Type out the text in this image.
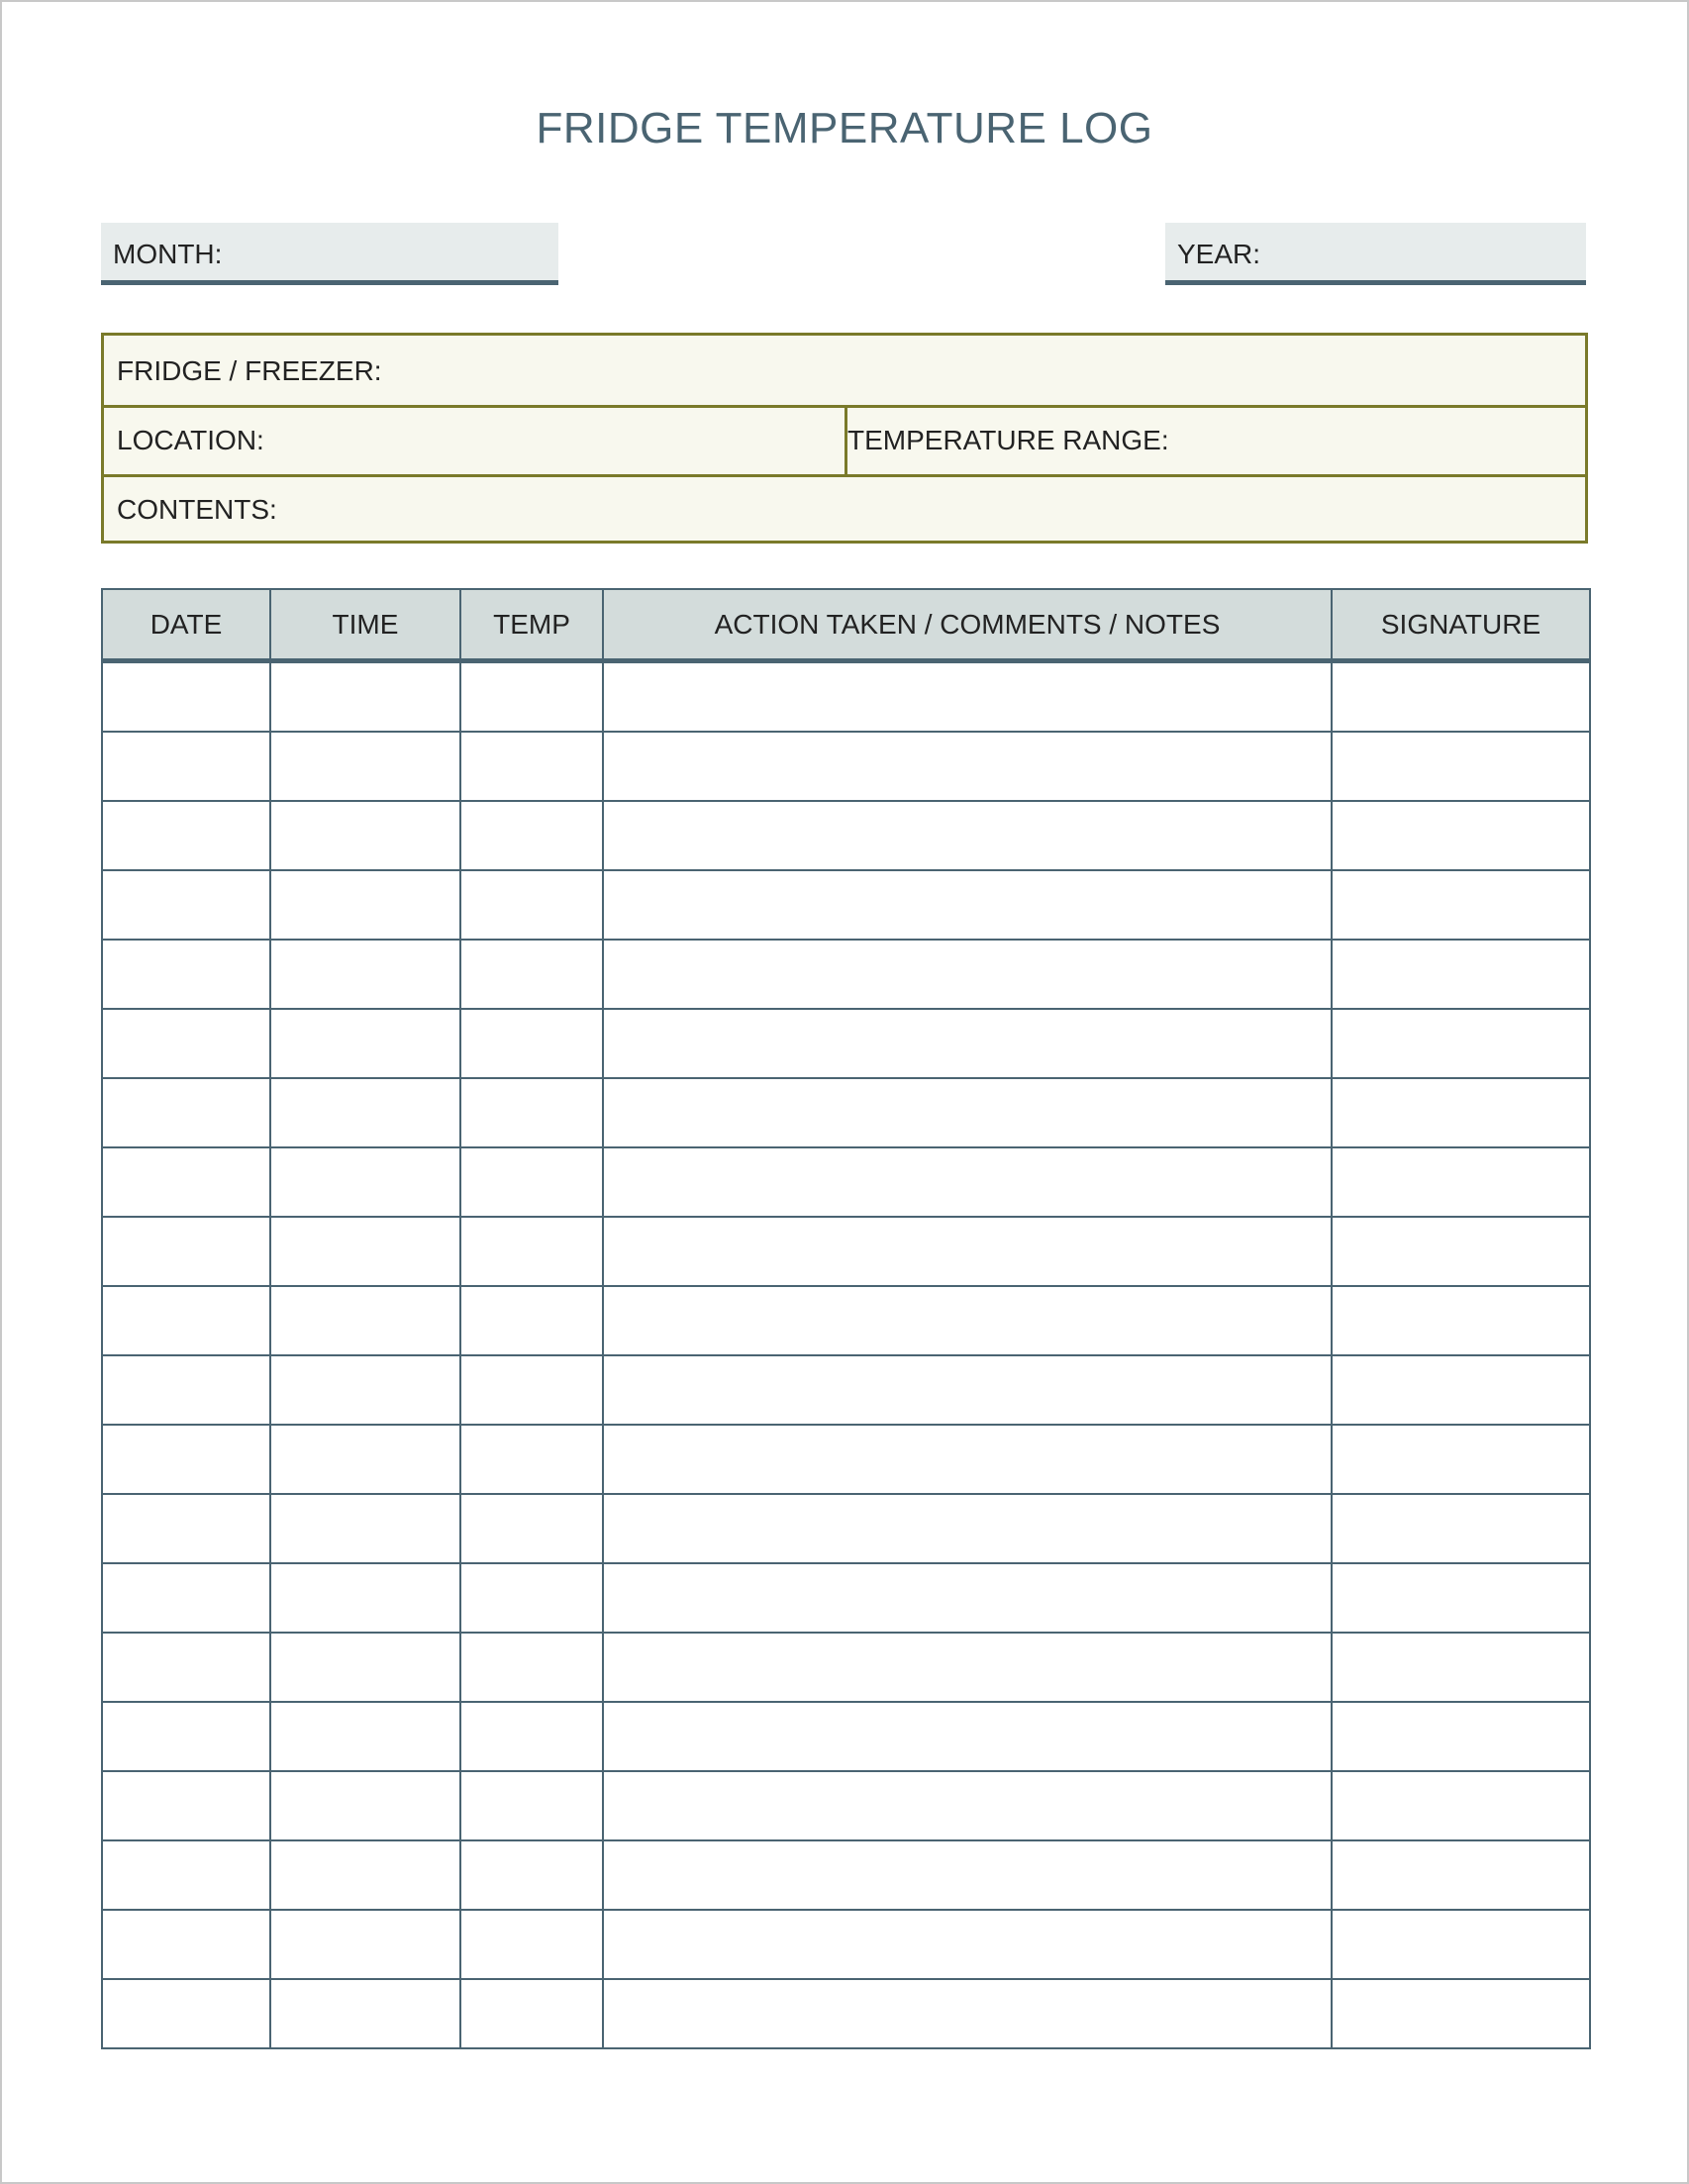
FRIDGE TEMPERATURE LOG
MONTH:	YEAR:
FRIDGE / FREEZER:
LOCATION:	TEMPERATURE RANGE:
CONTENTS:
DATE	TIME	TEMP	ACTION TAKEN / COMMENTS / NOTES	SIGNATURE
